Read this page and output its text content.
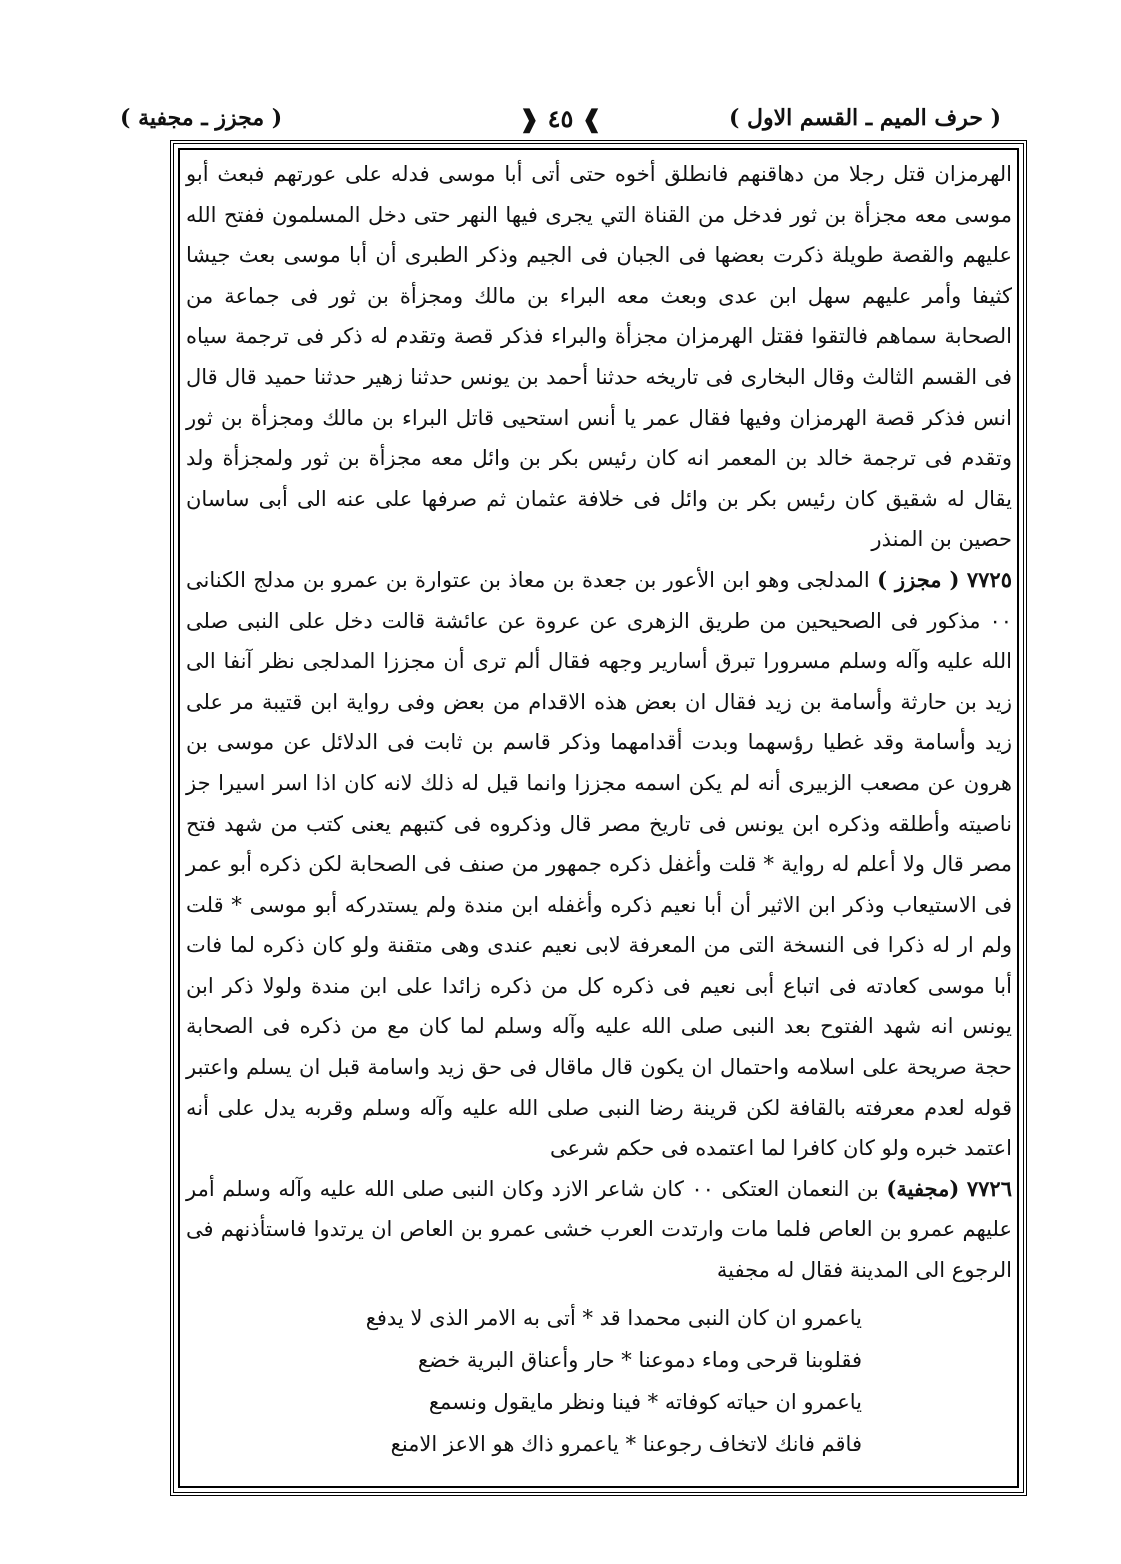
( حرف الميم ـ القسم الاول )
❱ ٤٥ ❰
( مجزز ـ مجفية )

الهرمزان قتل رجلا من دهاقنهم فانطلق أخوه حتى أتى أبا موسى فدله على عورتهم فبعث أبو موسى معه مجزأة بن ثور فدخل من القناة التي يجرى فيها النهر حتى دخل المسلمون ففتح الله عليهم والقصة طويلة ذكرت بعضها فى الجبان فى الجيم وذكر الطبرى أن أبا موسى بعث جيشا كثيفا وأمر عليهم سهل ابن عدى وبعث معه البراء بن مالك ومجزأة بن ثور فى جماعة من الصحابة سماهم فالتقوا فقتل الهرمزان مجزأة والبراء فذكر قصة وتقدم له ذكر فى ترجمة سياه فى القسم الثالث وقال البخارى فى تاريخه حدثنا أحمد بن يونس حدثنا زهير حدثنا حميد قال قال انس فذكر قصة الهرمزان وفيها فقال عمر يا أنس استحيى قاتل البراء بن مالك ومجزأة بن ثور وتقدم فى ترجمة خالد بن المعمر انه كان رئيس بكر بن وائل معه مجزأة بن ثور ولمجزأة ولد يقال له شقيق كان رئيس بكر بن وائل فى خلافة عثمان ثم صرفها على عنه الى أبى ساسان حصين بن المنذر

٧٧٢٥ ( مجزز ) المدلجى وهو ابن الأعور بن جعدة بن معاذ بن عتوارة بن عمرو بن مدلج الكنانى ٠٠ مذكور فى الصحيحين من طريق الزهرى عن عروة عن عائشة قالت دخل على النبى صلى الله عليه وآله وسلم مسرورا تبرق أسارير وجهه فقال ألم ترى أن مجززا المدلجى نظر آنفا الى زيد بن حارثة وأسامة بن زيد فقال ان بعض هذه الاقدام من بعض وفى رواية ابن قتيبة مر على زيد وأسامة وقد غطيا رؤسهما وبدت أقدامهما وذكر قاسم بن ثابت فى الدلائل عن موسى بن هرون عن مصعب الزبيرى أنه لم يكن اسمه مجززا وانما قيل له ذلك لانه كان اذا اسر اسيرا جز ناصيته وأطلقه وذكره ابن يونس فى تاريخ مصر قال وذكروه فى كتبهم يعنى كتب من شهد فتح مصر قال ولا أعلم له رواية * قلت وأغفل ذكره جمهور من صنف فى الصحابة لكن ذكره أبو عمر فى الاستيعاب وذكر ابن الاثير أن أبا نعيم ذكره وأغفله ابن مندة ولم يستدركه أبو موسى * قلت ولم ار له ذكرا فى النسخة التى من المعرفة لابى نعيم عندى وهى متقنة ولو كان ذكره لما فات أبا موسى كعادته فى اتباع أبى نعيم فى ذكره كل من ذكره زائدا على ابن مندة ولولا ذكر ابن يونس انه شهد الفتوح بعد النبى صلى الله عليه وآله وسلم لما كان مع من ذكره فى الصحابة حجة صريحة على اسلامه واحتمال ان يكون قال ماقال فى حق زيد واسامة قبل ان يسلم واعتبر قوله لعدم معرفته بالقافة لكن قرينة رضا النبى صلى الله عليه وآله وسلم وقربه يدل على أنه اعتمد خبره ولو كان كافرا لما اعتمده فى حكم شرعى

٧٧٢٦ (مجفية) بن النعمان العتكى ٠٠ كان شاعر الازد وكان النبى صلى الله عليه وآله وسلم أمر عليهم عمرو بن العاص فلما مات وارتدت العرب خشى عمرو بن العاص ان يرتدوا فاستأذنهم فى الرجوع الى المدينة فقال له مجفية

ياعمرو ان كان النبى محمدا قد * أتى به الامر الذى لا يدفع
فقلوبنا قرحى وماء دموعنا * حار وأعناق البرية خضع
ياعمرو ان حياته كوفاته * فينا ونظر مايقول ونسمع
فاقم فانك لاتخاف رجوعنا * ياعمرو ذاك هو الاعز الامنع
